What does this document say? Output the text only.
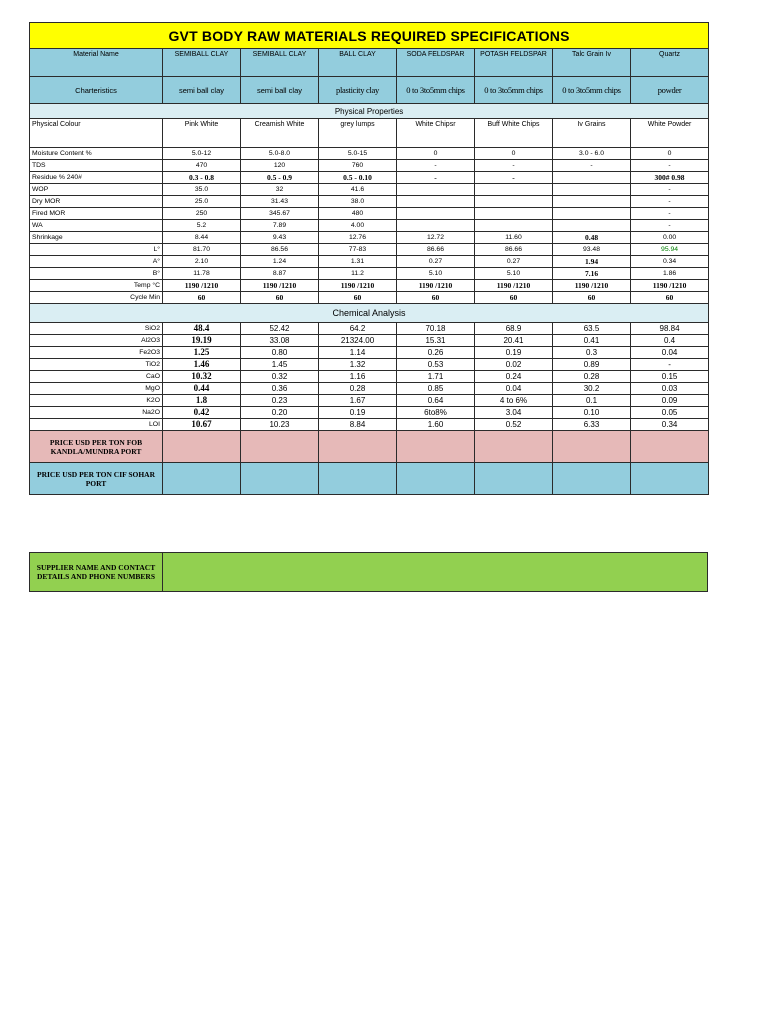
GVT BODY RAW MATERIALS REQUIRED SPECIFICATIONS							
Material Name	SEMIBALL CLAY	SEMIBALL CLAY	BALL CLAY	SODA FELDSPAR	POTASH FELDSPAR	Talc Grain Iv	Quartz
Charteristics	semi ball clay	semi ball clay	plasticity clay	0 to 3to5mm chips	0 to 3to5mm chips	0 to 3to5mm chips	powder
Physical Properties							
Physical Colour	Pink White	Creamish White	grey lumps	White Chipsr	Buff White Chips	Iv Grains	White Powder
Moisture Content %	5.0-12	5.0-8.0	5.0-15	0	0	3.0 - 6.0	0
TDS	470	120	760	-	-	-	-
Residue % 240#	0.3 - 0.8	0.5 - 0.9	0.5 - 0.10	-	-		300# 0.98
WOP	35.0	32	41.6				-
Dry MOR	25.0	31.43	38.0				-
Fired MOR	250	345.67	480				-
WA	5.2	7.89	4.00				-
Shrinkage	8.44	9.43	12.76	12.72	11.60	0.48	0.00
L°	81.70	86.56	77-83	86.66	86.66	93.48	95.94
A°	2.10	1.24	1.31	0.27	0.27	1.94	0.34
B°	11.78	8.87	11.2	5.10	5.10	7.16	1.86
Temp °C	1190 /1210	1190 /1210	1190 /1210	1190 /1210	1190 /1210	1190 /1210	1190 /1210
Cycle Min	60	60	60	60	60	60	60
Chemical Analysis							
SiO2	48.4	52.42	64.2	70.18	68.9	63.5	98.84
Al2O3	19.19	33.08	21324.00	15.31	20.41	0.41	0.4
Fe2O3	1.25	0.80	1.14	0.26	0.19	0.3	0.04
TiO2	1.46	1.45	1.32	0.53	0.02	0.89	-
CaO	10.32	0.32	1.16	1.71	0.24	0.28	0.15
MgO	0.44	0.36	0.28	0.85	0.04	30.2	0.03
K2O	1.8	0.23	1.67	0.64	4 to 6%	0.1	0.09
Na2O	0.42	0.20	0.19	6to8%	3.04	0.10	0.05
LOI	10.67	10.23	8.84	1.60	0.52	6.33	0.34
PRICE USD PER TON FOB KANDLA/MUNDRA PORT							
PRICE USD PER TON CIF SOHAR PORT							
SUPPLIER NAME AND CONTACT DETAILS AND PHONE NUMBERS	
